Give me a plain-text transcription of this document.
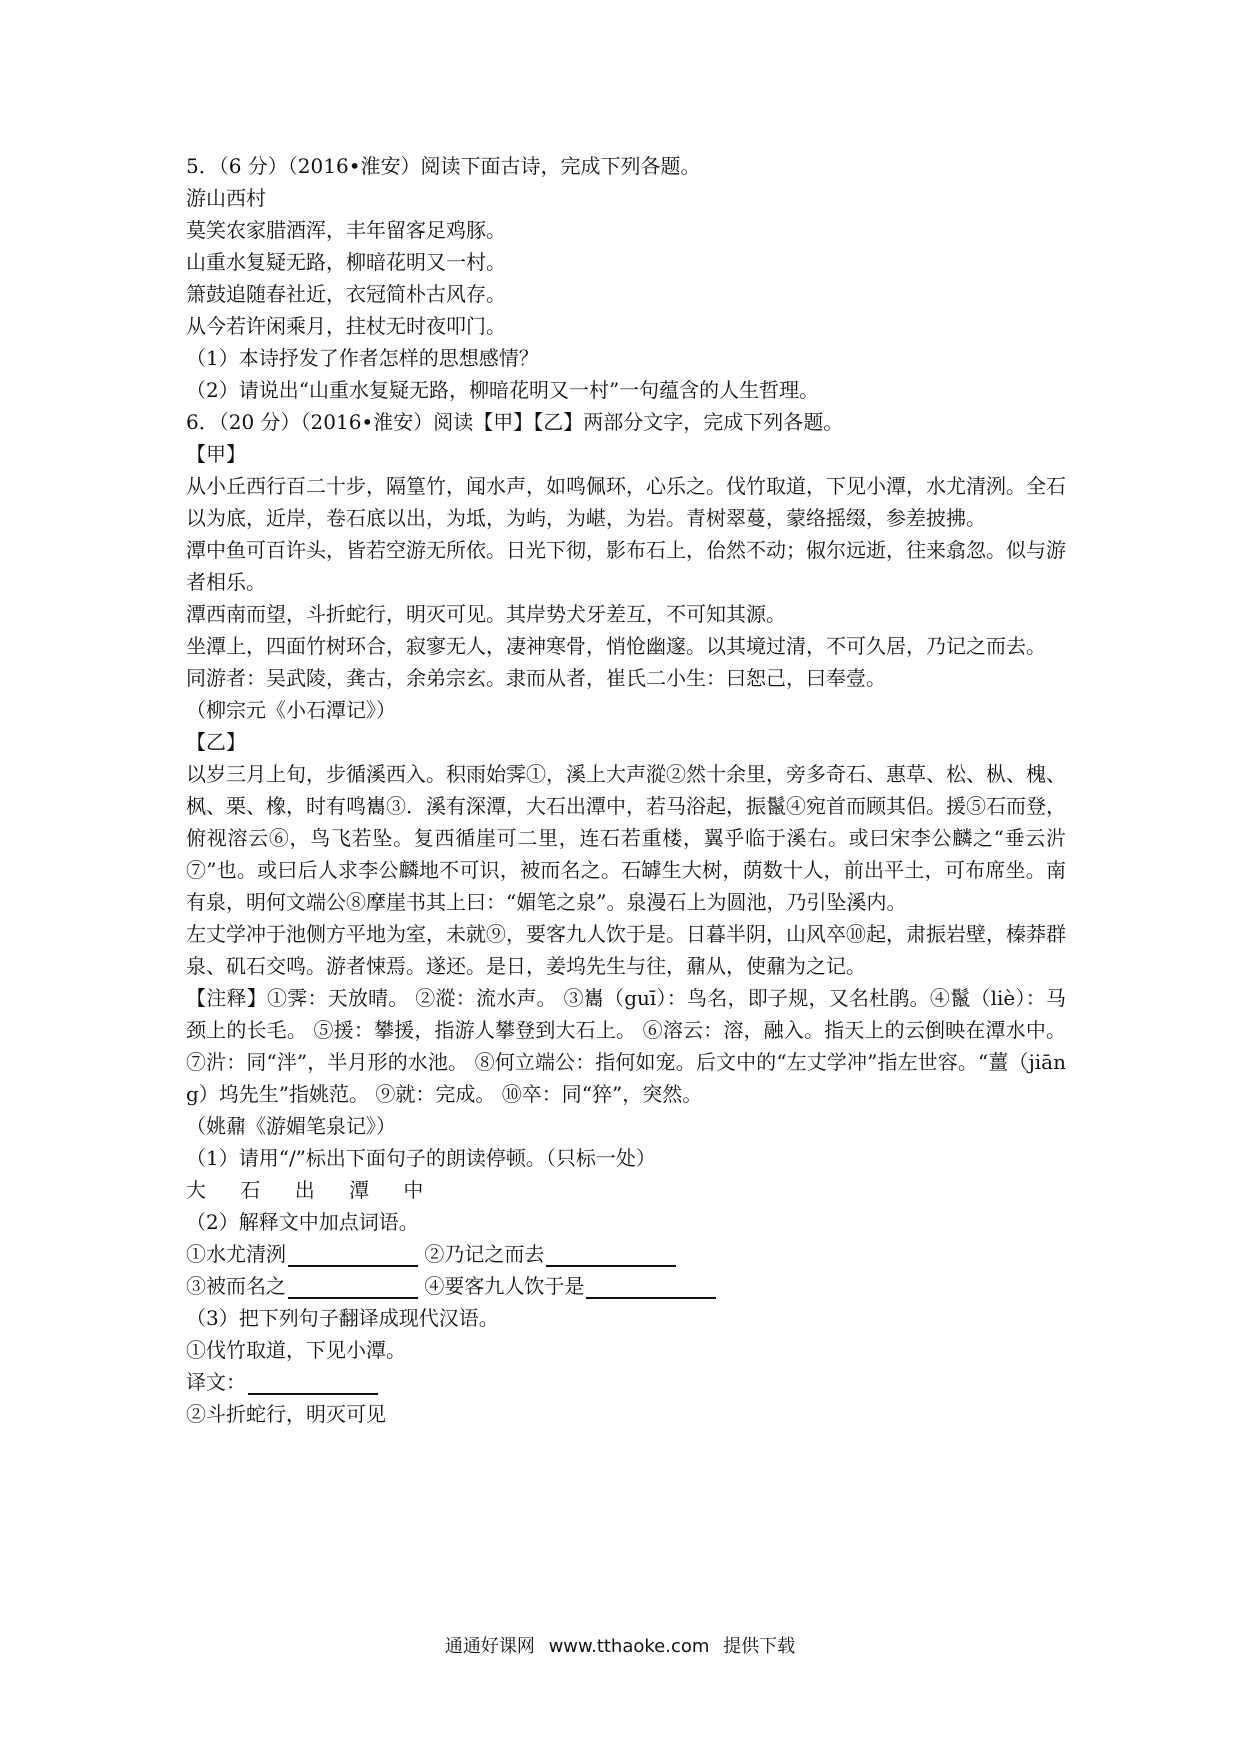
5．（6 分）（2016•淮安）阅读下面古诗，完成下列各题。
游山西村
莫笑农家腊酒浑，丰年留客足鸡豚。
山重水复疑无路，柳暗花明又一村。
箫鼓追随春社近，衣冠简朴古风存。
从今若许闲乘月，拄杖无时夜叩门。
（1）本诗抒发了作者怎样的思想感情？
（2）请说出“山重水复疑无路，柳暗花明又一村”一句蕴含的人生哲理。
6．（20 分）（2016•淮安）阅读【甲】【乙】两部分文字，完成下列各题。
【甲】
从小丘西行百二十步，隔篁竹，闻水声，如鸣佩环，心乐之。伐竹取道，下见小潭，水尤清洌。全石以为底，近岸，卷石底以出，为坻，为屿，为嵁，为岩。青树翠蔓，蒙络摇缀，参差披拂。
潭中鱼可百许头，皆若空游无所依。日光下彻，影布石上，佁然不动；俶尔远逝，往来翕忽。似与游者相乐。
潭西南而望，斗折蛇行，明灭可见。其岸势犬牙差互，不可知其源。
坐潭上，四面竹树环合，寂寥无人，凄神寒骨，悄怆幽邃。以其境过清，不可久居，乃记之而去。
同游者：吴武陵，龚古，余弟宗玄。隶而从者，崔氏二小生：曰恕己，曰奉壹。
（柳宗元《小石潭记》）
【乙】
以岁三月上旬，步循溪西入。积雨始霁①，溪上大声漎②然十余里，旁多奇石、惠草、松、枞、槐、枫、栗、橡，时有鸣巂③．溪有深潭，大石出潭中，若马浴起，振鬣④宛首而顾其侣。援⑤石而登，俯视溶云⑥，鸟飞若坠。复西循崖可二里，连石若重楼，翼乎临于溪右。或曰宋李公麟之“垂云沜⑦”也。或曰后人求李公麟地不可识，被而名之。石罅生大树，荫数十人，前出平土，可布席坐。南有泉，明何文端公⑧摩崖书其上曰：“媚笔之泉”。泉漫石上为圆池，乃引坠溪内。
左丈学冲于池侧方平地为室，未就⑨，要客九人饮于是。日暮半阴，山风卒⑩起，肃振岩壁，榛莽群泉、矶石交鸣。游者悚焉。遂还。是日，姜坞先生与往，鼐从，使鼐为之记。
【注释】①霁：天放晴。 ②漎：流水声。 ③巂（guī）：鸟名，即子规，又名杜鹃。④鬣（liè）：马颈上的长毛。 ⑤援：攀援，指游人攀登到大石上。 ⑥溶云：溶，融入。指天上的云倒映在潭水中。 ⑦沜：同“泮”，半月形的水池。 ⑧何立端公：指何如宠。后文中的“左丈学冲”指左世容。“薑（jiāng）坞先生”指姚范。 ⑨就：完成。 ⑩卒：同“猝”，突然。
（姚鼐《游媚笔泉记》）
（1）请用“/”标出下面句子的朗读停顿。（只标一处）
大 石 出 潭 中
（2）解释文中加点词语。
①水尤清洌	②乃记之而去
③被而名之	④要客九人饮于是
（3）把下列句子翻译成现代汉语。
①伐竹取道，下见小潭。
译文：
②斗折蛇行，明灭可见
通通好课网 www.tthaoke.com 提供下载
